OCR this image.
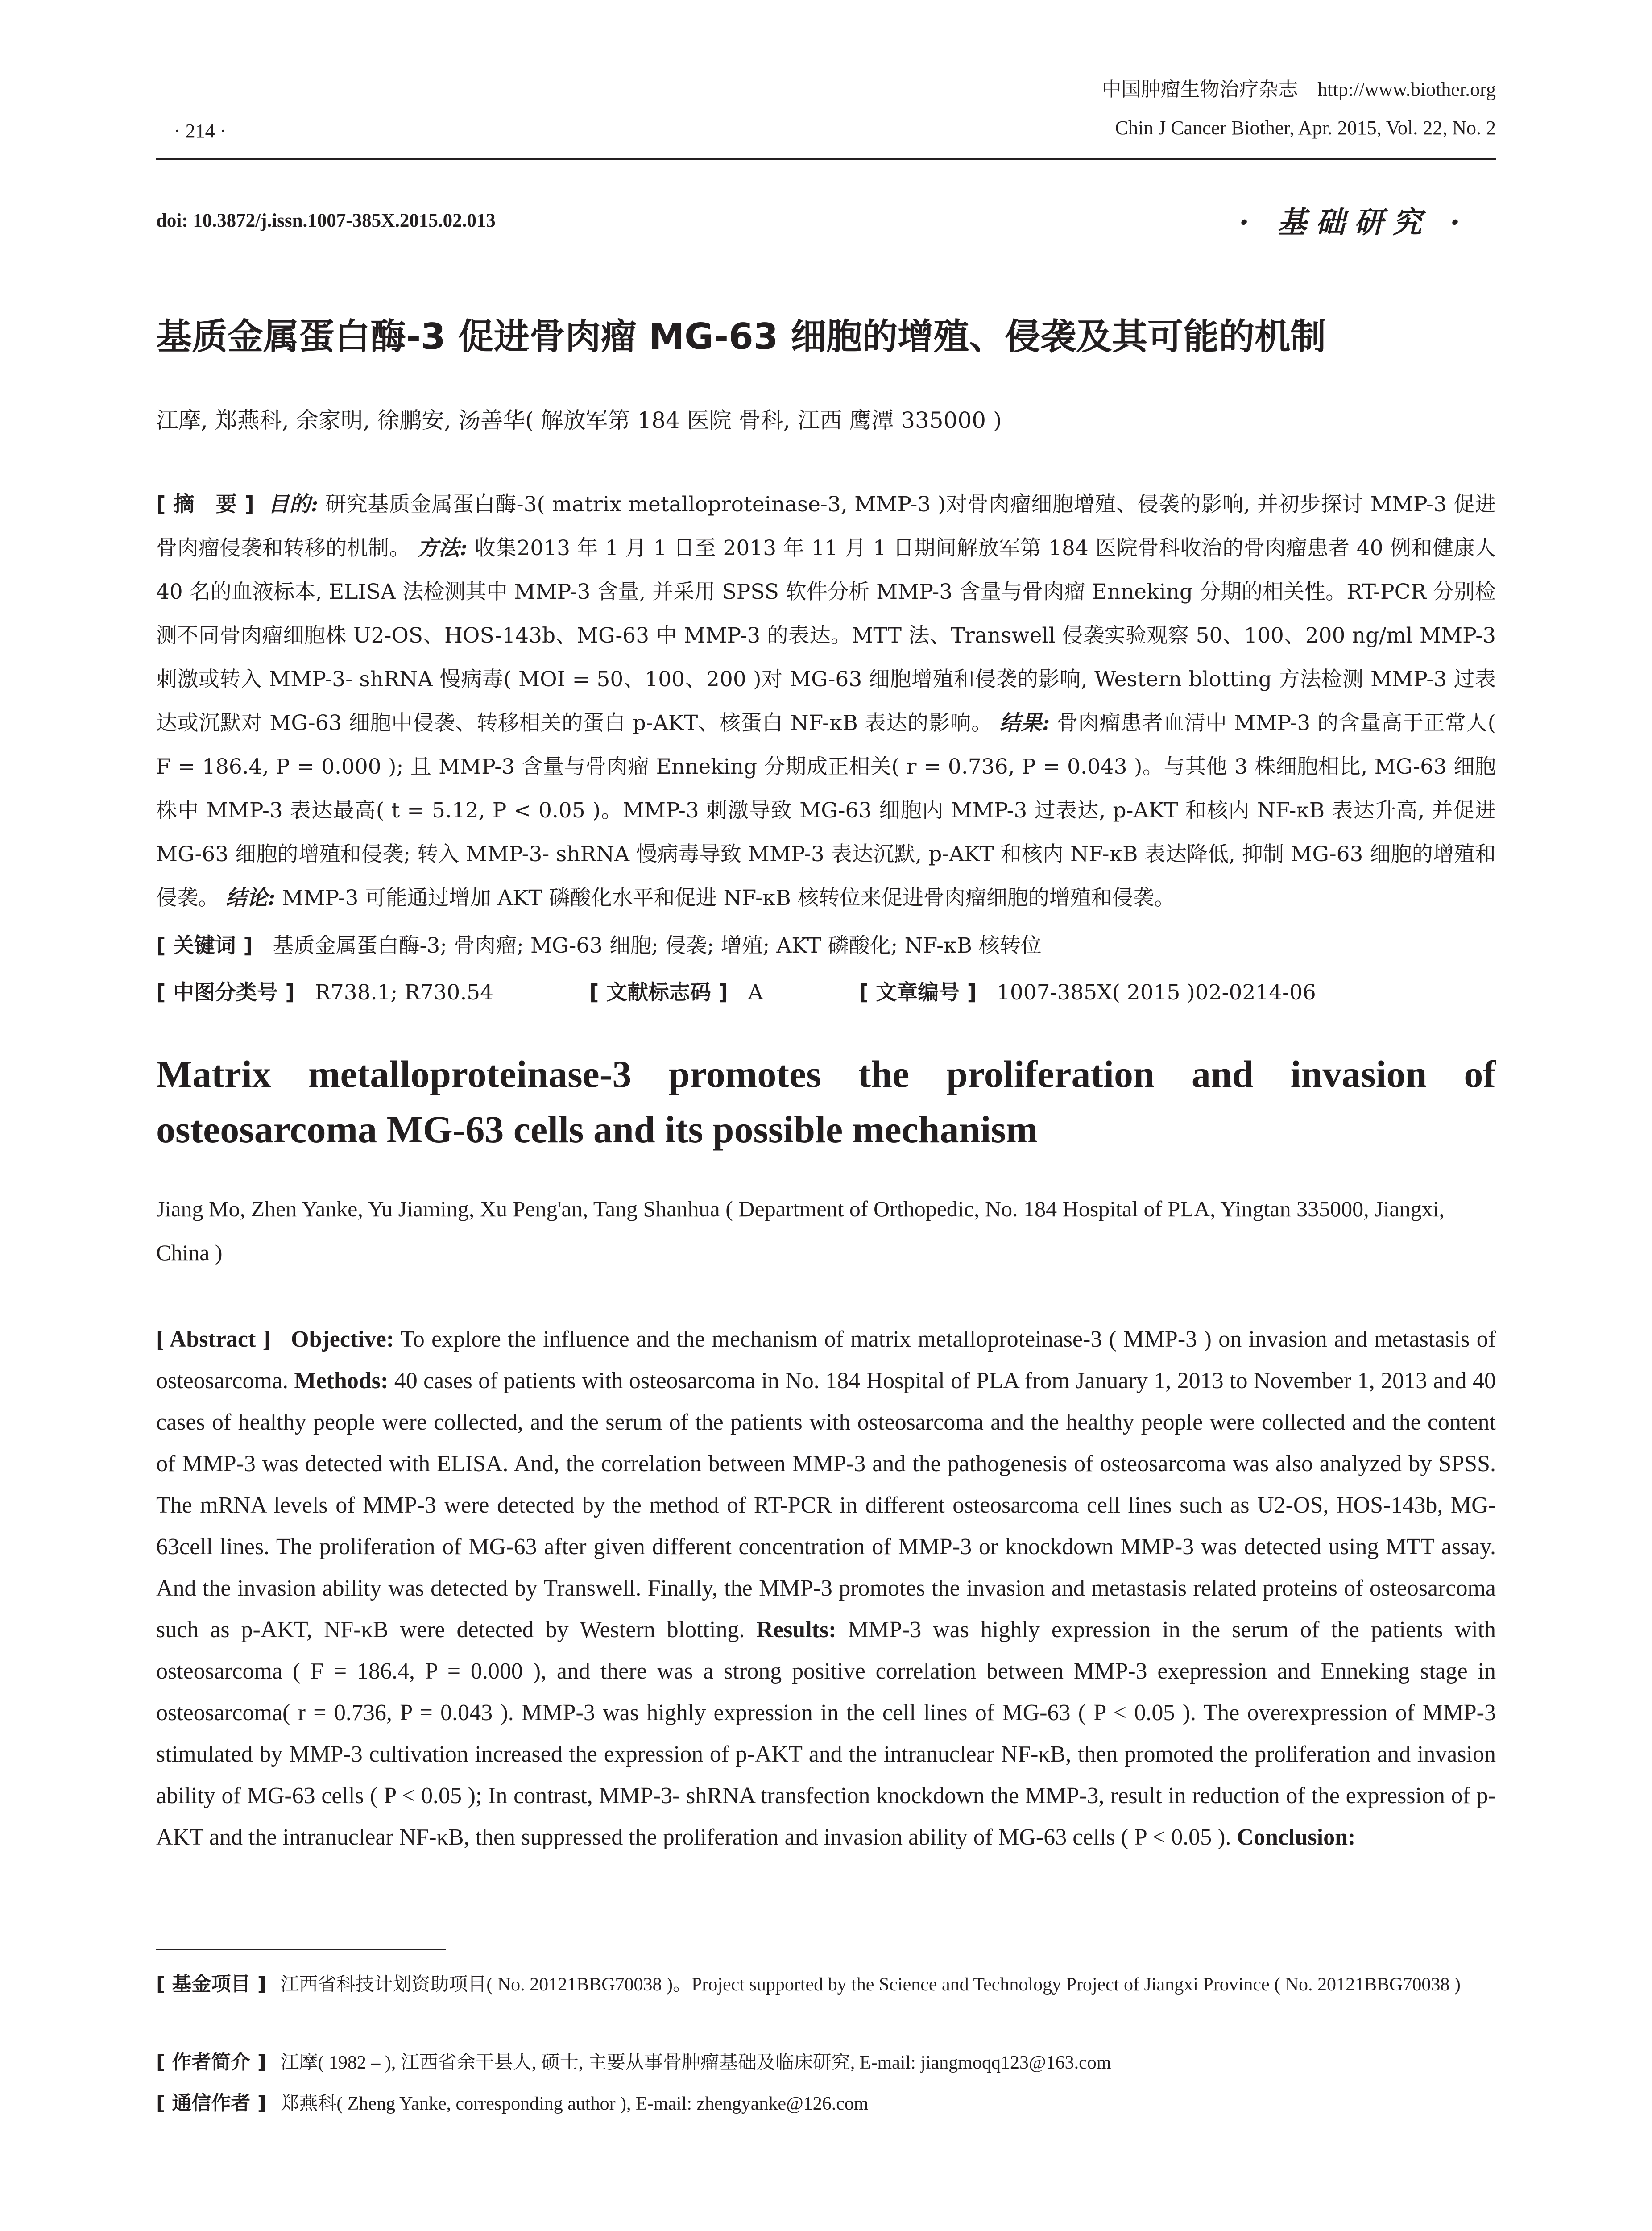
· 214 ·
中国肿瘤生物治疗杂志 http://www.biother.org
Chin J Cancer Biother, Apr. 2015, Vol. 22, No. 2
doi: 10.3872/j.issn.1007-385X.2015.02.013	· 基础研究 ·
基质金属蛋白酶-3 促进骨肉瘤 MG-63 细胞的增殖、侵袭及其可能的机制
江摩, 郑燕科, 余家明, 徐鹏安, 汤善华( 解放军第 184 医院 骨科, 江西 鹰潭 335000 )
[ 摘　要 ] 目的: 研究基质金属蛋白酶-3( matrix metalloproteinase-3, MMP-3 )对骨肉瘤细胞增殖、侵袭的影响, 并初步探讨 MMP-3 促进骨肉瘤侵袭和转移的机制。 方法: 收集2013 年 1 月 1 日至 2013 年 11 月 1 日期间解放军第 184 医院骨科收治的骨肉瘤患者 40 例和健康人 40 名的血液标本, ELISA 法检测其中 MMP-3 含量, 并采用 SPSS 软件分析 MMP-3 含量与骨肉瘤 Enneking 分期的相关性。RT-PCR 分别检测不同骨肉瘤细胞株 U2-OS、HOS-143b、MG-63 中 MMP-3 的表达。MTT 法、Transwell 侵袭实验观察 50、100、200 ng/ml MMP-3 刺激或转入 MMP-3- shRNA 慢病毒( MOI = 50、100、200 )对 MG-63 细胞增殖和侵袭的影响, Western blotting 方法检测 MMP-3 过表达或沉默对 MG-63 细胞中侵袭、转移相关的蛋白 p-AKT、核蛋白 NF-κB 表达的影响。 结果: 骨肉瘤患者血清中 MMP-3 的含量高于正常人( F = 186.4, P = 0.000 ); 且 MMP-3 含量与骨肉瘤 Enneking 分期成正相关( r = 0.736, P = 0.043 )。与其他 3 株细胞相比, MG-63 细胞株中 MMP-3 表达最高( t = 5.12, P < 0.05 )。MMP-3 刺激导致 MG-63 细胞内 MMP-3 过表达, p-AKT 和核内 NF-κB 表达升高, 并促进 MG-63 细胞的增殖和侵袭; 转入 MMP-3- shRNA 慢病毒导致 MMP-3 表达沉默, p-AKT 和核内 NF-κB 表达降低, 抑制 MG-63 细胞的增殖和侵袭。 结论: MMP-3 可能通过增加 AKT 磷酸化水平和促进 NF-κB 核转位来促进骨肉瘤细胞的增殖和侵袭。
[ 关键词 ] 基质金属蛋白酶-3; 骨肉瘤; MG-63 细胞; 侵袭; 增殖; AKT 磷酸化; NF-κB 核转位
[ 中图分类号 ] R738.1; R730.54	[ 文献标志码 ] A	[ 文章编号 ] 1007-385X( 2015 )02-0214-06
Matrix metalloproteinase-3 promotes the proliferation and invasion of osteosarcoma MG-63 cells and its possible mechanism
Jiang Mo, Zhen Yanke, Yu Jiaming, Xu Peng'an, Tang Shanhua ( Department of Orthopedic, No. 184 Hospital of PLA, Yingtan 335000, Jiangxi, China )
[ Abstract ] Objective: To explore the influence and the mechanism of matrix metalloproteinase-3 ( MMP-3 ) on invasion and metastasis of osteosarcoma. Methods: 40 cases of patients with osteosarcoma in No. 184 Hospital of PLA from January 1, 2013 to November 1, 2013 and 40 cases of healthy people were collected, and the serum of the patients with osteosarcoma and the healthy people were collected and the content of MMP-3 was detected with ELISA. And, the correlation between MMP-3 and the pathogenesis of osteosarcoma was also analyzed by SPSS. The mRNA levels of MMP-3 were detected by the method of RT-PCR in different osteosarcoma cell lines such as U2-OS, HOS-143b, MG-63cell lines. The proliferation of MG-63 after given different concentration of MMP-3 or knockdown MMP-3 was detected using MTT assay. And the invasion ability was detected by Transwell. Finally, the MMP-3 promotes the invasion and metastasis related proteins of osteosarcoma such as p-AKT, NF-κB were detected by Western blotting. Results: MMP-3 was highly expression in the serum of the patients with osteosarcoma ( F = 186.4, P = 0.000 ), and there was a strong positive correlation between MMP-3 exepression and Enneking stage in osteosarcoma( r = 0.736, P = 0.043 ). MMP-3 was highly expression in the cell lines of MG-63 ( P < 0.05 ). The overexpression of MMP-3 stimulated by MMP-3 cultivation increased the expression of p-AKT and the intranuclear NF-κB, then promoted the proliferation and invasion ability of MG-63 cells ( P < 0.05 ); In contrast, MMP-3- shRNA transfection knockdown the MMP-3, result in reduction of the expression of p-AKT and the intranuclear NF-κB, then suppressed the proliferation and invasion ability of MG-63 cells ( P < 0.05 ). Conclusion:
[ 基金项目 ] 江西省科技计划资助项目( No. 20121BBG70038 )。Project supported by the Science and Technology Project of Jiangxi Province ( No. 20121BBG70038 )
[ 作者简介 ] 江摩( 1982 – ), 江西省余干县人, 硕士, 主要从事骨肿瘤基础及临床研究, E-mail: jiangmoqq123@163.com
[ 通信作者 ] 郑燕科( Zheng Yanke, corresponding author ), E-mail: zhengyanke@126.com
